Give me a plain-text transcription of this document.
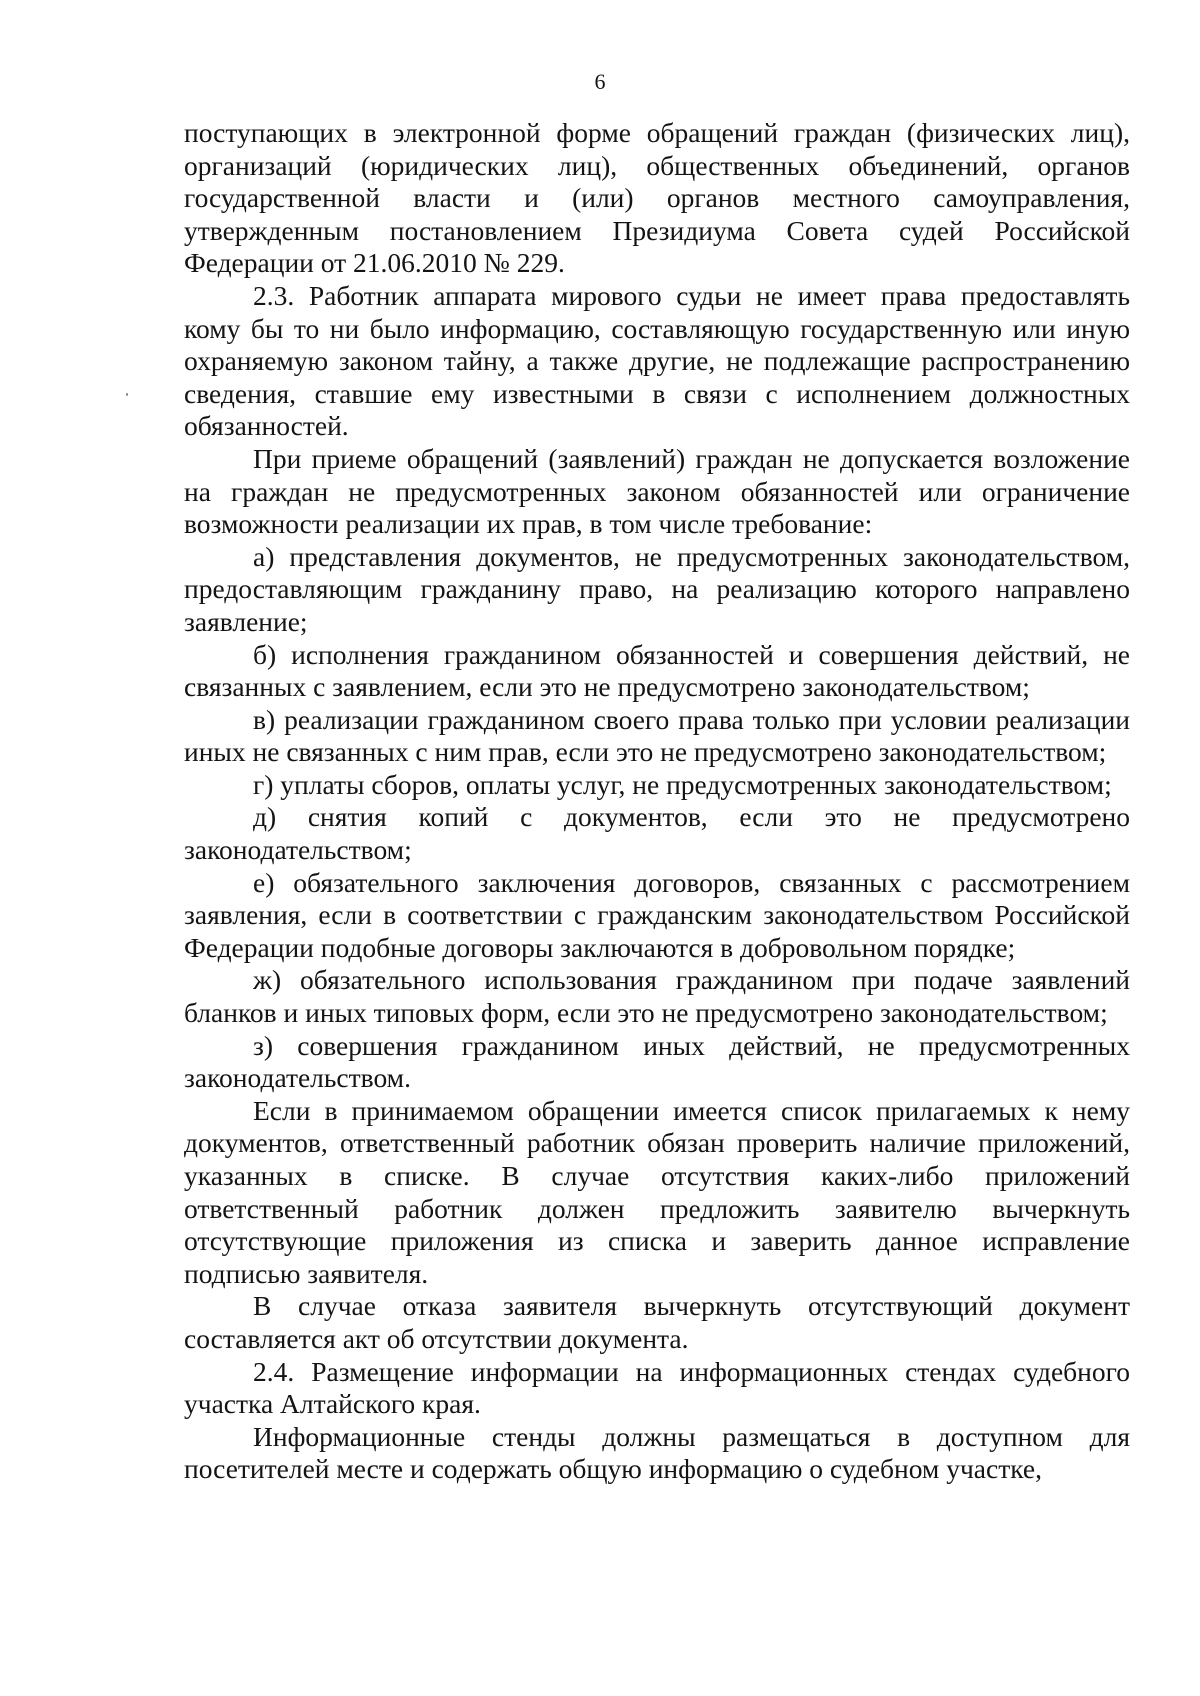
6

поступающих в электронной форме обращений граждан (физических лиц), организаций (юридических лиц), общественных объединений, органов государственной власти и (или) органов местного самоуправления, утвержденным постановлением Президиума Совета судей Российской Федерации от 21.06.2010 № 229.

2.3. Работник аппарата мирового судьи не имеет права предоставлять кому бы то ни было информацию, составляющую государственную или иную охраняемую законом тайну, а также другие, не подлежащие распространению сведения, ставшие ему известными в связи с исполнением должностных обязанностей.

При приеме обращений (заявлений) граждан не допускается возложение на граждан не предусмотренных законом обязанностей или ограничение возможности реализации их прав, в том числе требование:

а) представления документов, не предусмотренных законодательством, предоставляющим гражданину право, на реализацию которого направлено заявление;

б) исполнения гражданином обязанностей и совершения действий, не связанных с заявлением, если это не предусмотрено законодательством;

в) реализации гражданином своего права только при условии реализации иных не связанных с ним прав, если это не предусмотрено законодательством;

г) уплаты сборов, оплаты услуг, не предусмотренных законодательством;

д) снятия копий с документов, если это не предусмотрено законодательством;

е) обязательного заключения договоров, связанных с рассмотрением заявления, если в соответствии с гражданским законодательством Российской Федерации подобные договоры заключаются в добровольном порядке;

ж) обязательного использования гражданином при подаче заявлений бланков и иных типовых форм, если это не предусмотрено законодательством;

з) совершения гражданином иных действий, не предусмотренных законодательством.

Если в принимаемом обращении имеется список прилагаемых к нему документов, ответственный работник обязан проверить наличие приложений, указанных в списке. В случае отсутствия каких-либо приложений ответственный работник должен предложить заявителю вычеркнуть отсутствующие приложения из списка и заверить данное исправление подписью заявителя.

В случае отказа заявителя вычеркнуть отсутствующий документ составляется акт об отсутствии документа.

2.4. Размещение информации на информационных стендах судебного участка Алтайского края.

Информационные стенды должны размещаться в доступном для посетителей месте и содержать общую информацию о судебном участке,
